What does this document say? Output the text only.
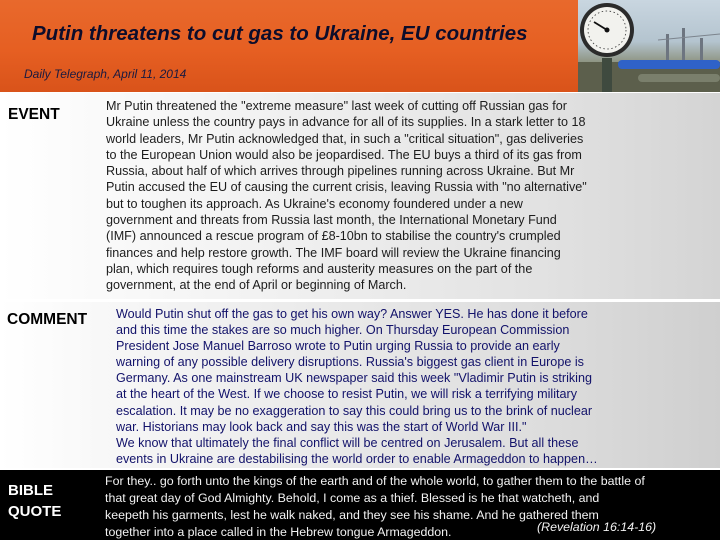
Putin threatens to cut gas to Ukraine, EU countries
Daily Telegraph, April 11, 2014
EVENT	Mr Putin threatened the "extreme measure" last week of cutting off Russian gas for
Ukraine unless the country pays in advance for all of its supplies. In a stark letter to 18
world leaders, Mr Putin acknowledged that, in such a "critical situation", gas deliveries
to the European Union would also be jeopardised. The EU buys a third of its gas from
Russia, about half of which arrives through pipelines running across Ukraine. But Mr
Putin accused the EU of causing the current crisis, leaving Russia with "no alternative"
but to toughen its approach. As Ukraine's economy foundered under a new
government and threats from Russia last month, the International Monetary Fund
(IMF) announced a rescue program of £8-10bn to stabilise the country's crumpled
finances and help restore growth. The IMF board will review the Ukraine financing
plan, which requires tough reforms and austerity measures on the part of the
government, at the end of April or beginning of March.
COMMENT Would Putin shut off the gas to get his own way? Answer YES. He has done it before
and this time the stakes are so much higher. On Thursday European Commission
President Jose Manuel Barroso wrote to Putin urging Russia to provide an early
warning of any possible delivery disruptions. Russia's biggest gas client in Europe is
Germany. As one mainstream UK newspaper said this week "Vladimir Putin is striking
at the heart of the West. If we choose to resist Putin, we will risk a terrifying military
escalation. It may be no exaggeration to say this could bring us to the brink of nuclear
war. Historians may look back and say this was the start of World War III."
We know that ultimately the final conflict will be centred on Jerusalem. But all these
events in Ukraine are destabilising the world order to enable Armageddon to happen…
BIBLE
QUOTE
For they.. go forth unto the kings of the earth and of the whole world, to gather them to the battle of
that great day of God Almighty. Behold, I come as a thief. Blessed is he that watcheth, and
keepeth his garments, lest he walk naked, and they see his shame. And he gathered them
together into a place called in the Hebrew tongue Armageddon.	(Revelation 16:14-16)
